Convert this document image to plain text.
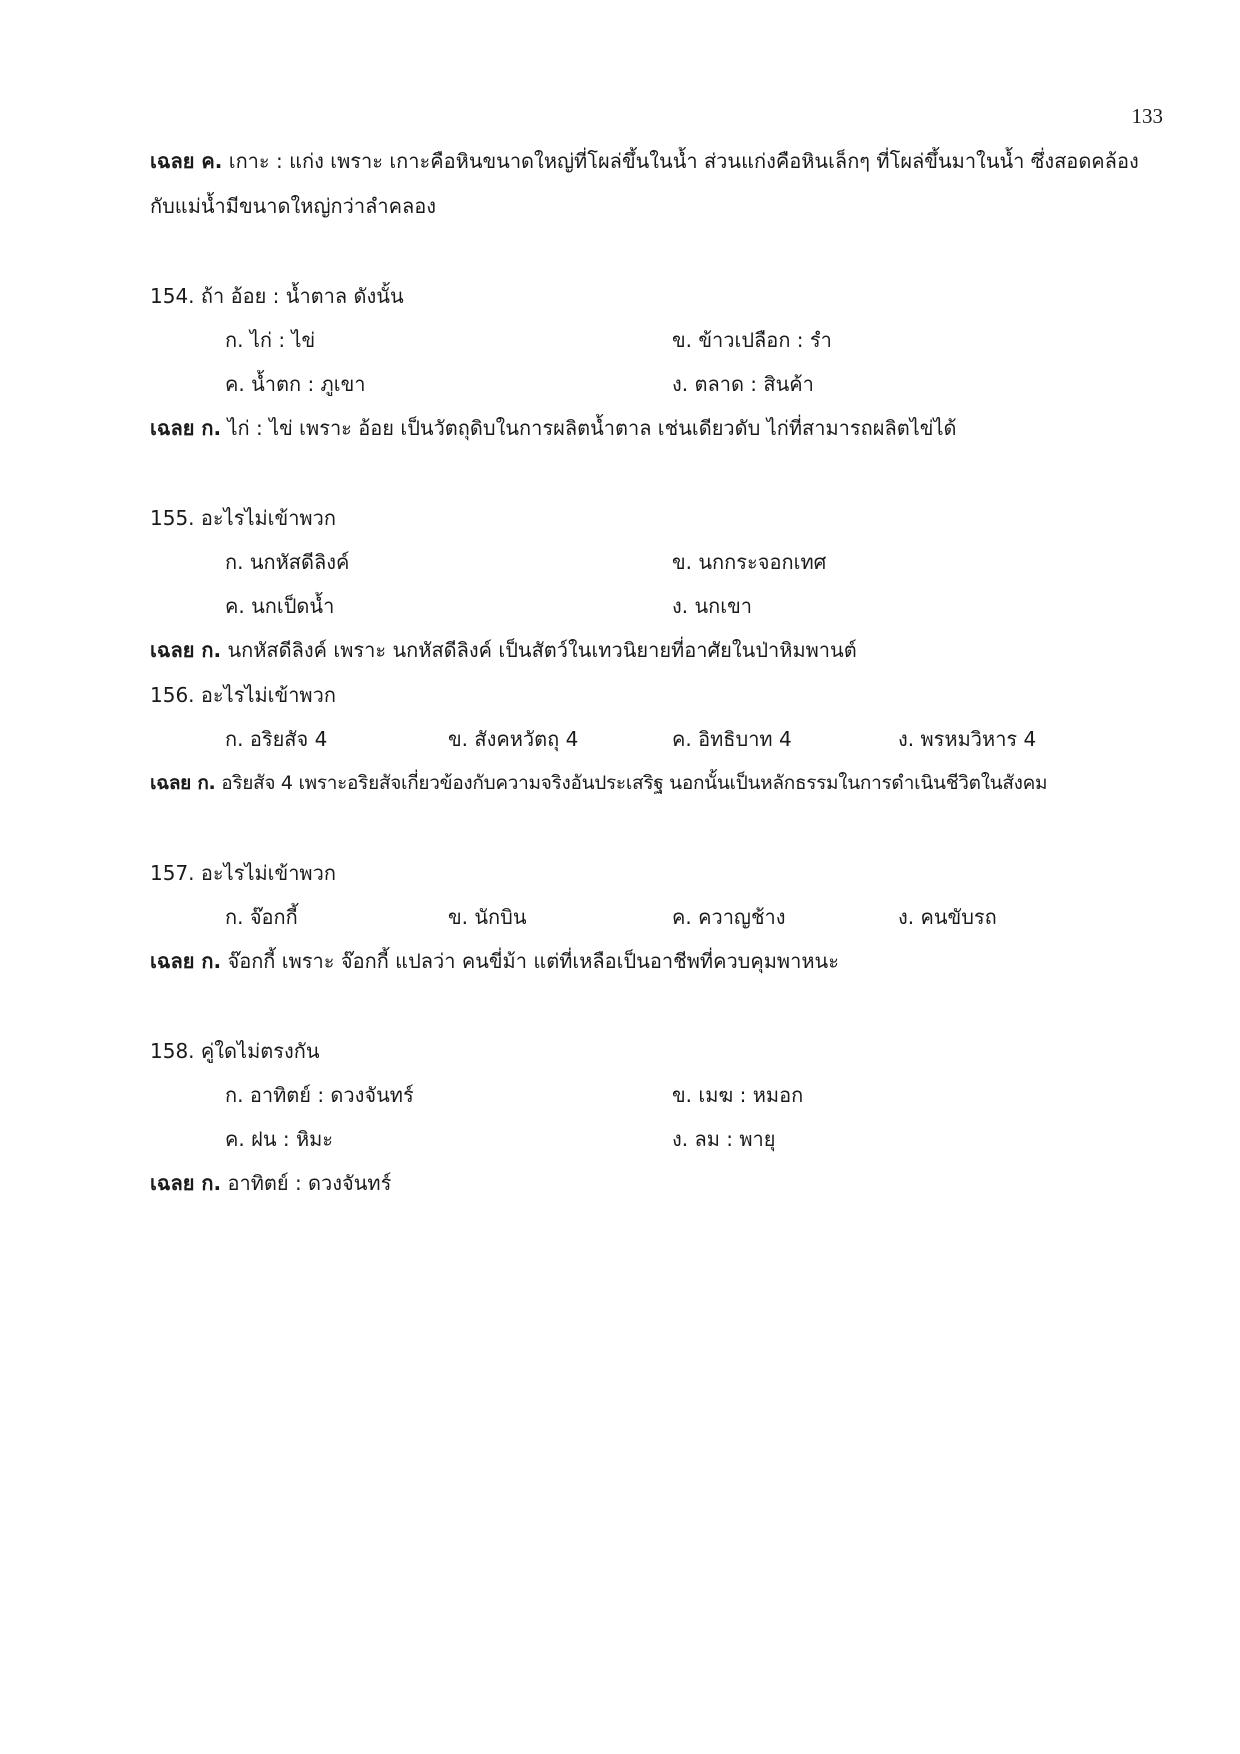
133
เฉลย ค. เกาะ : แก่ง เพราะ เกาะคือหินขนาดใหญ่ที่โผล่ขึ้นในน้ำ ส่วนแก่งคือหินเล็กๆ ที่โผล่ขึ้นมาในน้ำ ซึ่งสอดคล้อง
กับแม่น้ำมีขนาดใหญ่กว่าลำคลอง
154. ถ้า อ้อย : น้ำตาล ดังนั้น
ก. ไก่ : ไข่	ข. ข้าวเปลือก : รำ
ค. น้ำตก : ภูเขา	ง. ตลาด : สินค้า
เฉลย ก. ไก่ : ไข่ เพราะ อ้อย เป็นวัตถุดิบในการผลิตน้ำตาล เช่นเดียวดับ ไก่ที่สามารถผลิตไข่ได้
155. อะไรไม่เข้าพวก
ก. นกหัสดีลิงค์	ข. นกกระจอกเทศ
ค. นกเป็ดน้ำ	ง. นกเขา
เฉลย ก. นกหัสดีลิงค์ เพราะ นกหัสดีลิงค์ เป็นสัตว์ในเทวนิยายที่อาศัยในป่าหิมพานต์
156. อะไรไม่เข้าพวก
ก. อริยสัจ 4	ข. สังคหวัตถุ 4	ค. อิทธิบาท 4	ง. พรหมวิหาร 4
เฉลย ก. อริยสัจ 4 เพราะอริยสัจเกี่ยวข้องกับความจริงอันประเสริฐ นอกนั้นเป็นหลักธรรมในการดำเนินชีวิตในสังคม
157. อะไรไม่เข้าพวก
ก. จ๊อกกี้	ข. นักบิน	ค. ควาญช้าง	ง. คนขับรถ
เฉลย ก. จ๊อกกี้ เพราะ จ๊อกกี้ แปลว่า คนขี่ม้า แต่ที่เหลือเป็นอาชีพที่ควบคุมพาหนะ
158. คู่ใดไม่ตรงกัน
ก. อาทิตย์ : ดวงจันทร์	ข. เมฆ : หมอก
ค. ฝน : หิมะ	ง. ลม : พายุ
เฉลย ก. อาทิตย์ : ดวงจันทร์
